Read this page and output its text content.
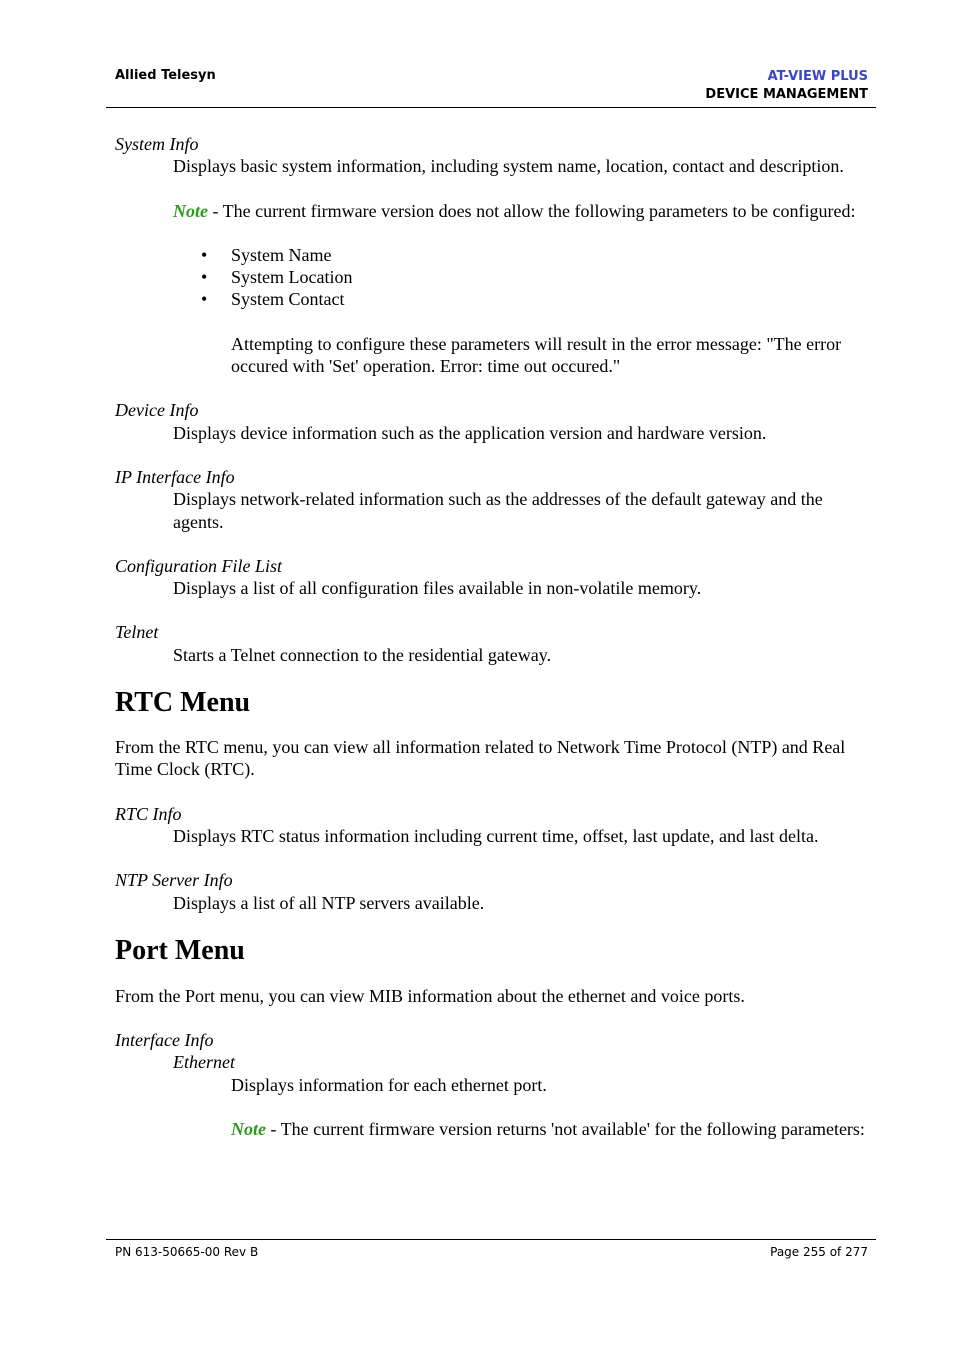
Allied Telesyn	AT-VIEW PLUS
DEVICE MANAGEMENT

System Info

Displays basic system information, including system name, location, contact and description.

Note - The current firmware version does not allow the following parameters to be configured:

• System Name
• System Location
• System Contact

Attempting to configure these parameters will result in the error message: "The error occured with 'Set' operation. Error: time out occured."

Device Info

Displays device information such as the application version and hardware version.

IP Interface Info

Displays network-related information such as the addresses of the default gateway and the agents.

Configuration File List

Displays a list of all configuration files available in non-volatile memory.

Telnet

Starts a Telnet connection to the residential gateway.

RTC Menu

From the RTC menu, you can view all information related to Network Time Protocol (NTP) and Real Time Clock (RTC).

RTC Info

Displays RTC status information including current time, offset, last update, and last delta.

NTP Server Info

Displays a list of all NTP servers available.

Port Menu

From the Port menu, you can view MIB information about the ethernet and voice ports.

Interface Info

Ethernet

Displays information for each ethernet port.

Note - The current firmware version returns 'not available' for the following parameters:

PN 613-50665-00 Rev B	Page 255 of 277
